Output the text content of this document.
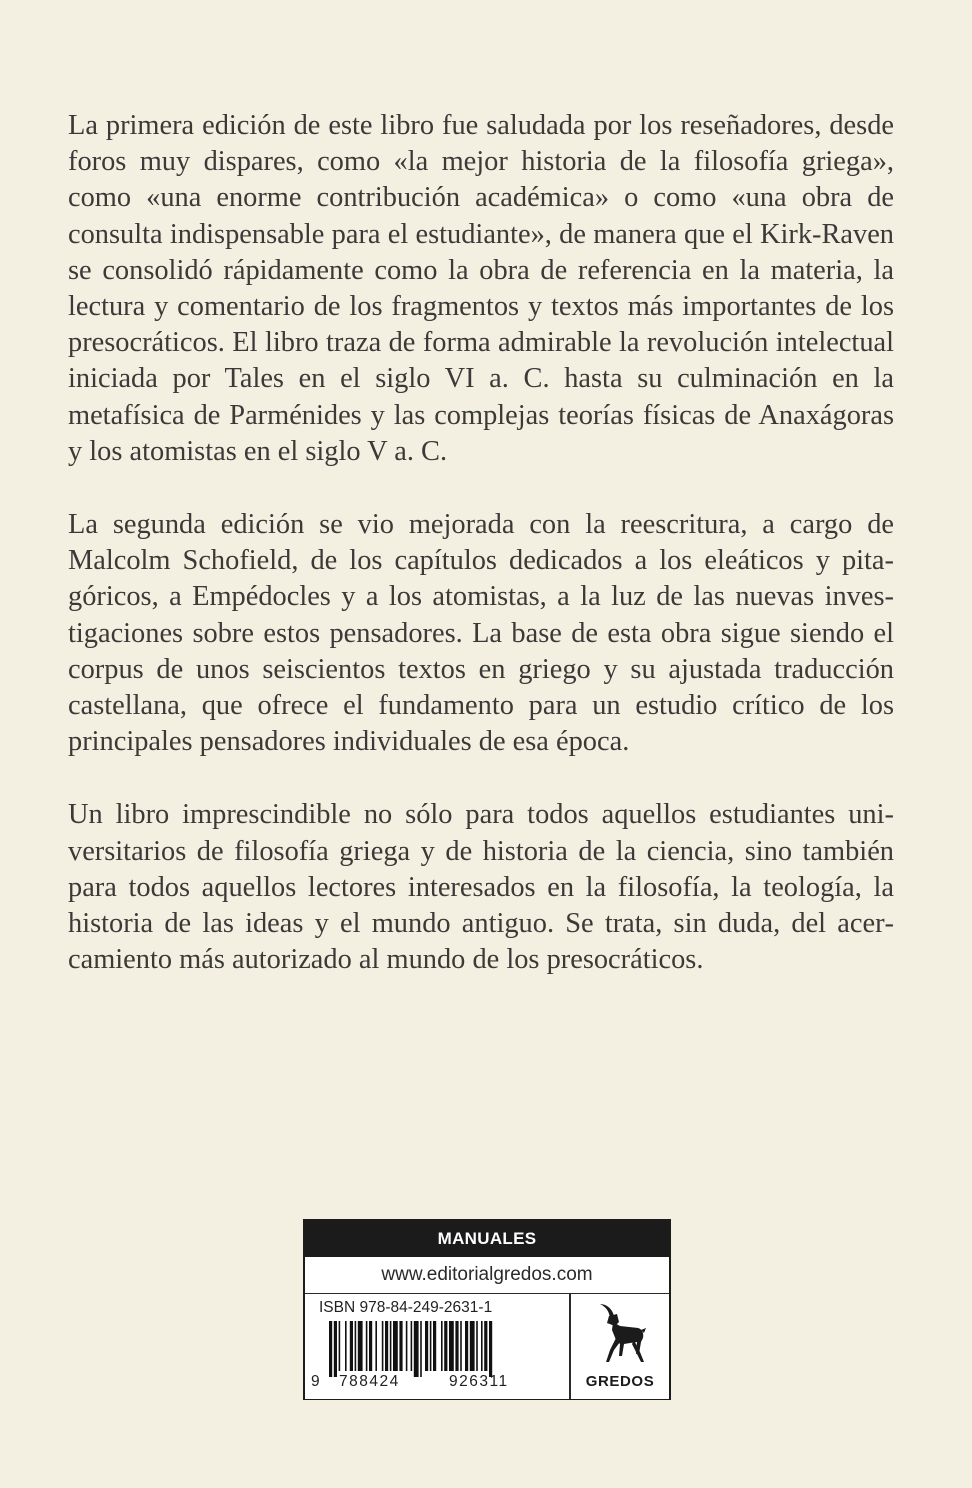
La primera edición de este libro fue saludada por los reseñadores, desde foros muy dispares, como «la mejor historia de la filosofía griega», como «una enorme contribución académica» o como «una obra de consulta indispensable para el estudiante», de manera que el Kirk-Raven se consolidó rápidamente como la obra de referencia en la materia, la lectura y comentario de los fragmentos y textos más importantes de los presocráticos. El libro traza de forma admirable la revolución intelectual iniciada por Tales en el siglo VI a. C. hasta su culminación en la metafísica de Parménides y las complejas teorías físicas de Anaxágoras y los atomistas en el siglo V a. C.

La segunda edición se vio mejorada con la reescritura, a cargo de Malcolm Schofield, de los capítulos dedicados a los eleáticos y pitagóricos, a Empédocles y a los atomistas, a la luz de las nuevas investigaciones sobre estos pensadores. La base de esta obra sigue siendo el corpus de unos seiscientos textos en griego y su ajustada traducción castellana, que ofrece el fundamento para un estudio crítico de los principales pensadores individuales de esa época.

Un libro imprescindible no sólo para todos aquellos estudiantes universitarios de filosofía griega y de historia de la ciencia, sino también para todos aquellos lectores interesados en la filosofía, la teología, la historia de las ideas y el mundo antiguo. Se trata, sin duda, del acercamiento más autorizado al mundo de los presocráticos.

MANUALES
www.editorialgredos.com
ISBN 978-84-249-2631-1
9 788424	926311	GREDOS
